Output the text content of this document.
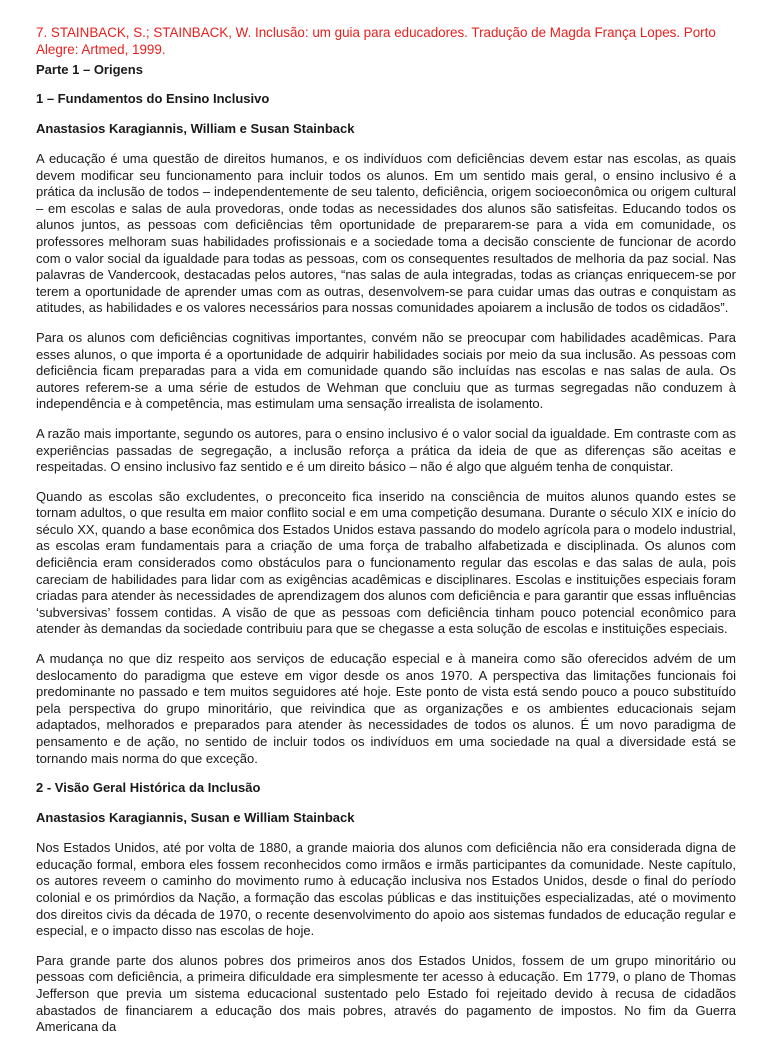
7. STAINBACK, S.; STAINBACK, W. Inclusão: um guia para educadores. Tradução de Magda França Lopes. Porto Alegre: Artmed, 1999.

Parte 1 – Origens

1 – Fundamentos do Ensino Inclusivo

Anastasios Karagiannis, William e Susan Stainback

A educação é uma questão de direitos humanos, e os indivíduos com deficiências devem estar nas escolas, as quais devem modificar seu funcionamento para incluir todos os alunos. Em um sentido mais geral, o ensino inclusivo é a prática da inclusão de todos – independentemente de seu talento, deficiência, origem socioeconômica ou origem cultural – em escolas e salas de aula provedoras, onde todas as necessidades dos alunos são satisfeitas. Educando todos os alunos juntos, as pessoas com deficiências têm oportunidade de prepararem-se para a vida em comunidade, os professores melhoram suas habilidades profissionais e a sociedade toma a decisão consciente de funcionar de acordo com o valor social da igualdade para todas as pessoas, com os consequentes resultados de melhoria da paz social. Nas palavras de Vandercook, destacadas pelos autores, “nas salas de aula integradas, todas as crianças enriquecem-se por terem a oportunidade de aprender umas com as outras, desenvolvem-se para cuidar umas das outras e conquistam as atitudes, as habilidades e os valores necessários para nossas comunidades apoiarem a inclusão de todos os cidadãos”.

Para os alunos com deficiências cognitivas importantes, convém não se preocupar com habilidades acadêmicas. Para esses alunos, o que importa é a oportunidade de adquirir habilidades sociais por meio da sua inclusão. As pessoas com deficiência ficam preparadas para a vida em comunidade quando são incluídas nas escolas e nas salas de aula. Os autores referem-se a uma série de estudos de Wehman que concluiu que as turmas segregadas não conduzem à independência e à competência, mas estimulam uma sensação irrealista de isolamento.

A razão mais importante, segundo os autores, para o ensino inclusivo é o valor social da igualdade. Em contraste com as experiências passadas de segregação, a inclusão reforça a prática da ideia de que as diferenças são aceitas e respeitadas. O ensino inclusivo faz sentido e é um direito básico – não é algo que alguém tenha de conquistar.

Quando as escolas são excludentes, o preconceito fica inserido na consciência de muitos alunos quando estes se tornam adultos, o que resulta em maior conflito social e em uma competição desumana. Durante o século XIX e início do século XX, quando a base econômica dos Estados Unidos estava passando do modelo agrícola para o modelo industrial, as escolas eram fundamentais para a criação de uma força de trabalho alfabetizada e disciplinada. Os alunos com deficiência eram considerados como obstáculos para o funcionamento regular das escolas e das salas de aula, pois careciam de habilidades para lidar com as exigências acadêmicas e disciplinares. Escolas e instituições especiais foram criadas para atender às necessidades de aprendizagem dos alunos com deficiência e para garantir que essas influências ‘subversivas’ fossem contidas. A visão de que as pessoas com deficiência tinham pouco potencial econômico para atender às demandas da sociedade contribuiu para que se chegasse a esta solução de escolas e instituições especiais.

A mudança no que diz respeito aos serviços de educação especial e à maneira como são oferecidos advém de um deslocamento do paradigma que esteve em vigor desde os anos 1970. A perspectiva das limitações funcionais foi predominante no passado e tem muitos seguidores até hoje. Este ponto de vista está sendo pouco a pouco substituído pela perspectiva do grupo minoritário, que reivindica que as organizações e os ambientes educacionais sejam adaptados, melhorados e preparados para atender às necessidades de todos os alunos. É um novo paradigma de pensamento e de ação, no sentido de incluir todos os indivíduos em uma sociedade na qual a diversidade está se tornando mais norma do que exceção.

2 - Visão Geral Histórica da Inclusão

Anastasios Karagiannis, Susan e William Stainback

Nos Estados Unidos, até por volta de 1880, a grande maioria dos alunos com deficiência não era considerada digna de educação formal, embora eles fossem reconhecidos como irmãos e irmãs participantes da comunidade. Neste capítulo, os autores reveem o caminho do movimento rumo à educação inclusiva nos Estados Unidos, desde o final do período colonial e os primórdios da Nação, a formação das escolas públicas e das instituições especializadas, até o movimento dos direitos civis da década de 1970, o recente desenvolvimento do apoio aos sistemas fundados de educação regular e especial, e o impacto disso nas escolas de hoje.

Para grande parte dos alunos pobres dos primeiros anos dos Estados Unidos, fossem de um grupo minoritário ou pessoas com deficiência, a primeira dificuldade era simplesmente ter acesso à educação. Em 1779, o plano de Thomas Jefferson que previa um sistema educacional sustentado pelo Estado foi rejeitado devido à recusa de cidadãos abastados de financiarem a educação dos mais pobres, através do pagamento de impostos. No fim da Guerra Americana da
